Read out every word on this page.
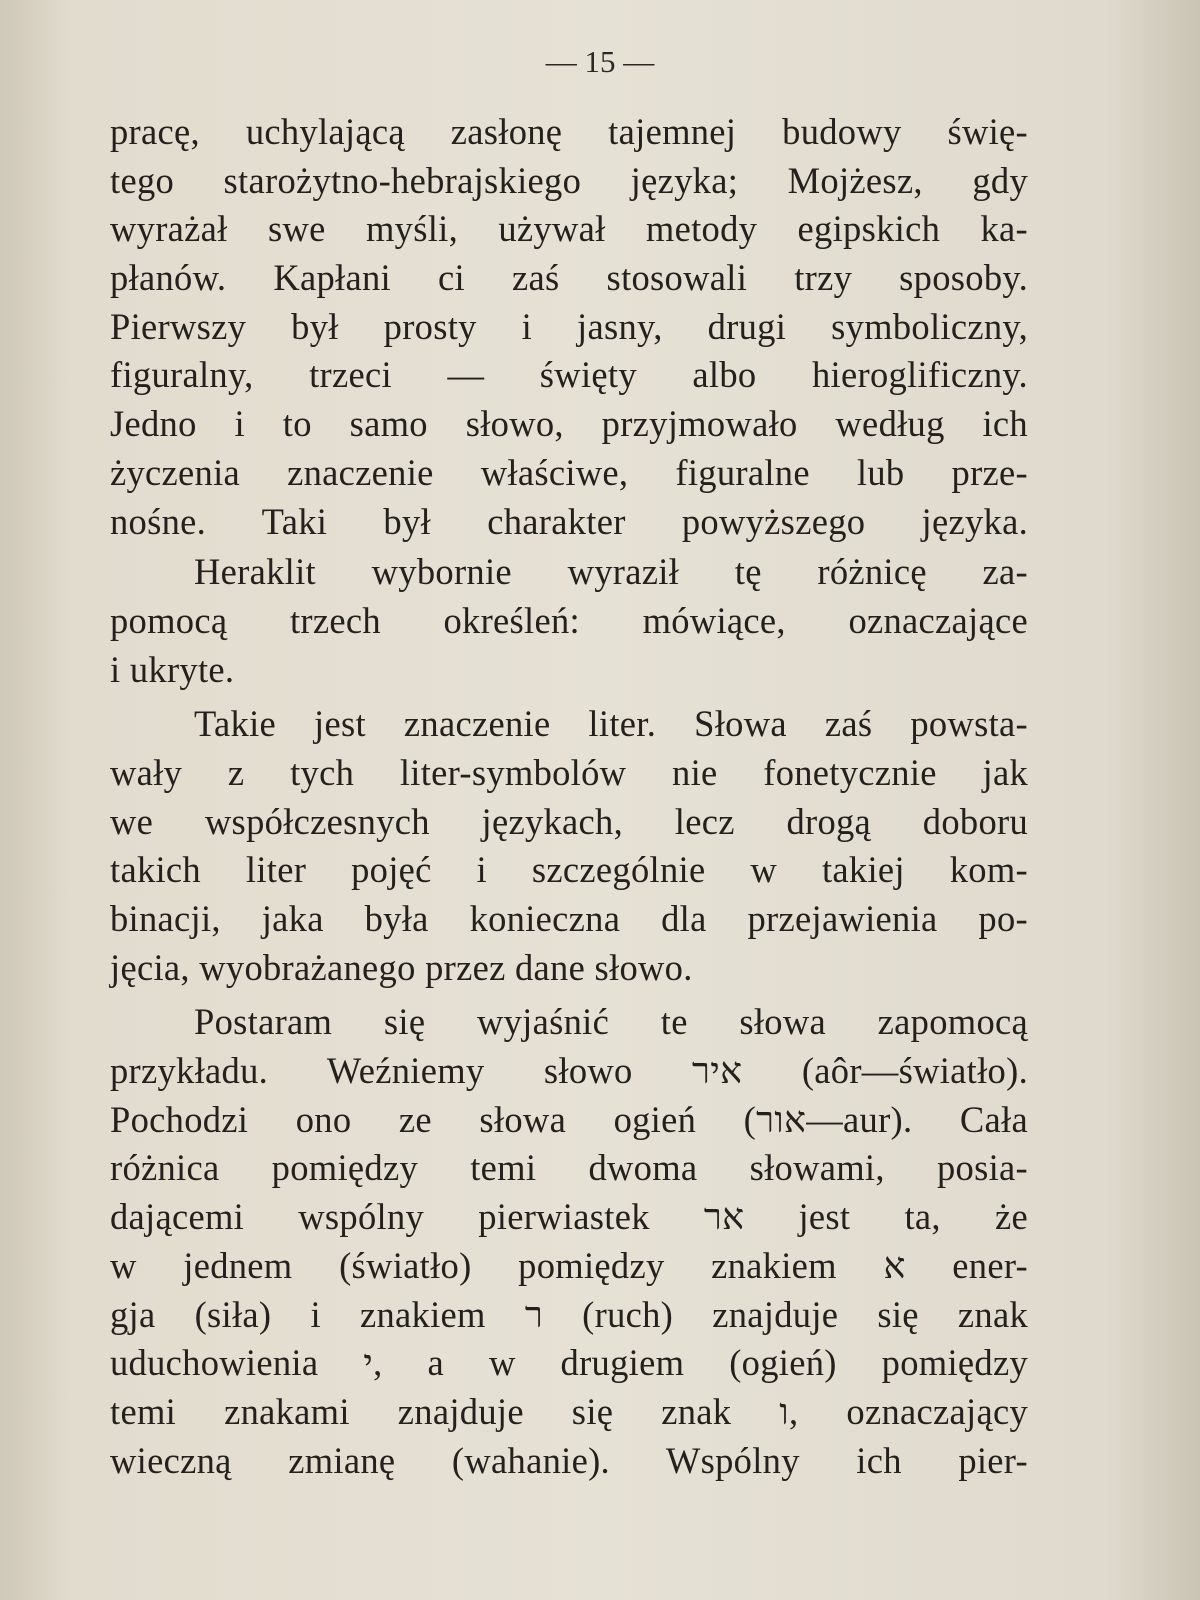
— 15 —
pracę, uchylającą zasłonę tajemnej budowy świę-
tego starożytno-hebrajskiego języka; Mojżesz, gdy
wyrażał swe myśli, używał metody egipskich ka-
płanów. Kapłani ci zaś stosowali trzy sposoby.
Pierwszy był prosty i jasny, drugi symboliczny,
figuralny, trzeci — święty albo hieroglificzny.
Jedno i to samo słowo, przyjmowało według ich
życzenia znaczenie właściwe, figuralne lub prze-
nośne. Taki był charakter powyższego języka.
Heraklit wybornie wyraził tę różnicę za-
pomocą trzech określeń: mówiące, oznaczające
i ukryte.
Takie jest znaczenie liter. Słowa zaś powsta-
wały z tych liter-symbolów nie fonetycznie jak
we współczesnych językach, lecz drogą doboru
takich liter pojęć i szczególnie w takiej kom-
binacji, jaka była konieczna dla przejawienia po-
jęcia, wyobrażanego przez dane słowo.
Postaram się wyjaśnić te słowa zapomocą
przykładu. Weźniemy słowo איר (aôr—światło).
Pochodzi ono ze słowa ogień (אור—aur). Cała
różnica pomiędzy temi dwoma słowami, posia-
dającemi wspólny pierwiastek אר jest ta, że
w jednem (światło) pomiędzy znakiem א ener-
gja (siła) i znakiem ר (ruch) znajduje się znak
uduchowienia י, a w drugiem (ogień) pomiędzy
temi znakami znajduje się znak ו, oznaczający
wieczną zmianę (wahanie). Wspólny ich pier-
